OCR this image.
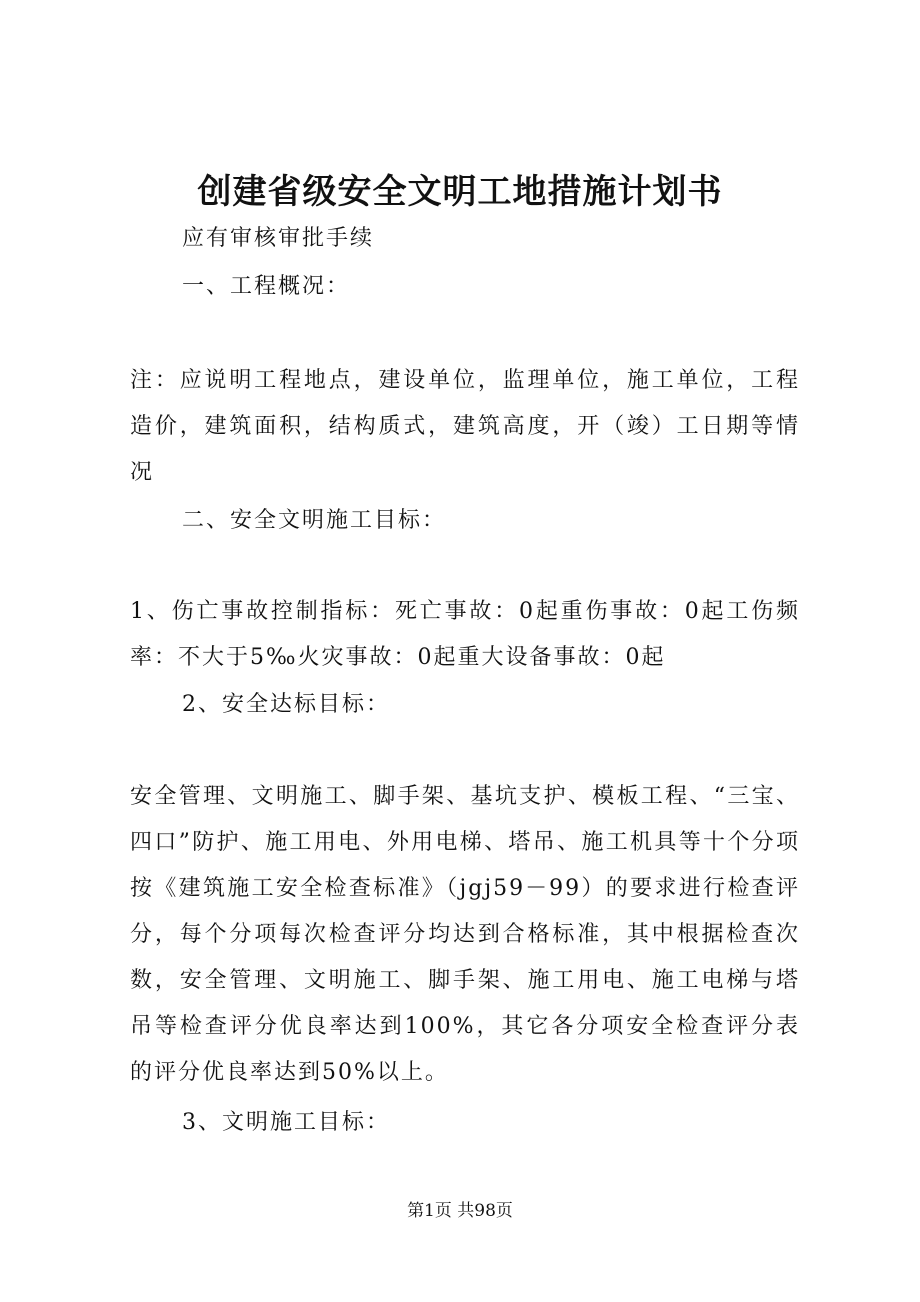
创建省级安全文明工地措施计划书
应有审核审批手续
一、工程概况：
注：应说明工程地点，建设单位，监理单位，施工单位，工程造价，建筑面积，结构质式，建筑高度，开（竣）工日期等情况
二、安全文明施工目标：
1、伤亡事故控制指标：死亡事故：0起重伤事故：0起工伤频率：不大于5‰火灾事故：0起重大设备事故：0起
2、安全达标目标：
安全管理、文明施工、脚手架、基坑支护、模板工程、“三宝、四口”防护、施工用电、外用电梯、塔吊、施工机具等十个分项按《建筑施工安全检查标准》（jgj59－99）的要求进行检查评分，每个分项每次检查评分均达到合格标准，其中根据检查次数，安全管理、文明施工、脚手架、施工用电、施工电梯与塔吊等检查评分优良率达到100%，其它各分项安全检查评分表的评分优良率达到50%以上。
3、文明施工目标：
第1页 共98页
